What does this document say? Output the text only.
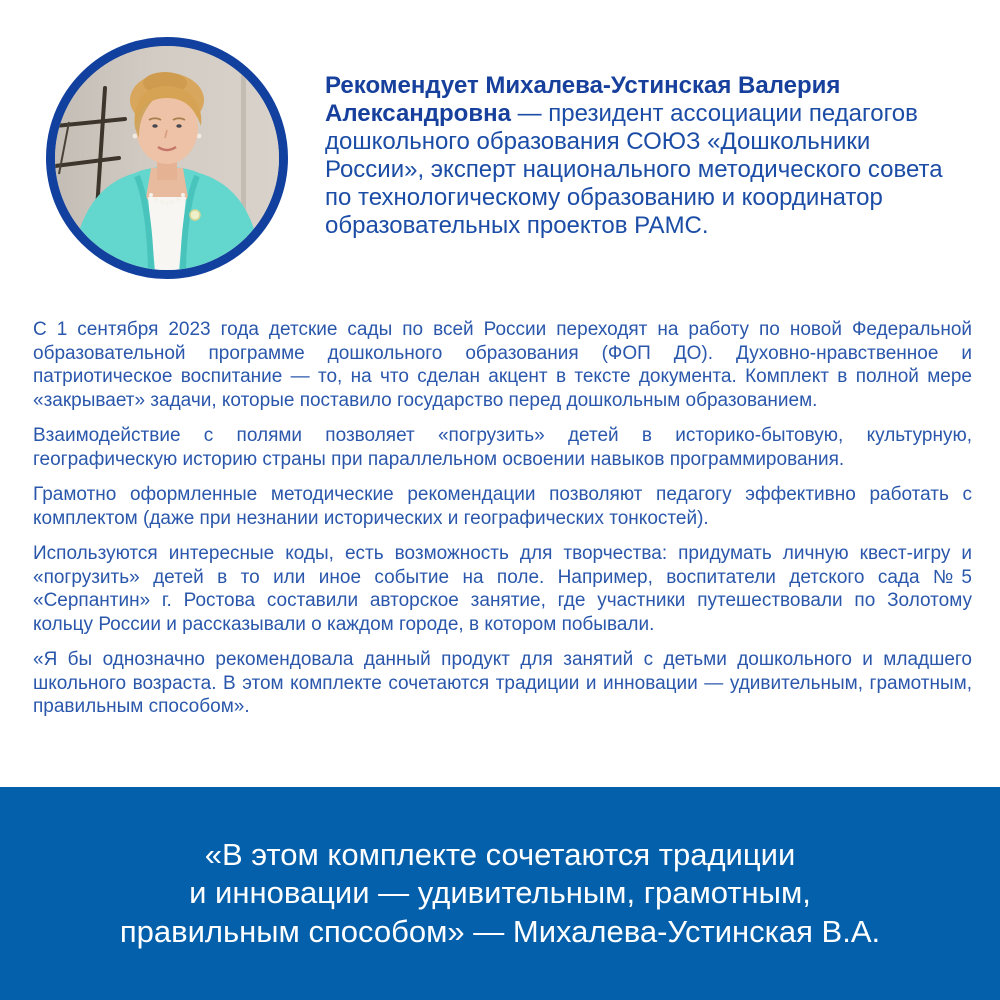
Рекомендует Михалева-Устинская Валерия Александровна — президент ассоциации педагогов дошкольного образования СОЮЗ «Дошкольники России», эксперт национального методического совета по технологическому образованию и координатор образовательных проектов РАМС.

С 1 сентября 2023 года детские сады по всей России переходят на работу по новой Федеральной образовательной программе дошкольного образования (ФОП ДО). Духовно-нравственное и патриотическое воспитание — то, на что сделан акцент в тексте документа. Комплект в полной мере «закрывает» задачи, которые поставило государство перед дошкольным образованием.

Взаимодействие с полями позволяет «погрузить» детей в историко-бытовую, культурную, географическую историю страны при параллельном освоении навыков программирования.

Грамотно оформленные методические рекомендации позволяют педагогу эффективно работать с комплектом (даже при незнании исторических и географических тонкостей).

Используются интересные коды, есть возможность для творчества: придумать личную квест-игру и «погрузить» детей в то или иное событие на поле. Например, воспитатели детского сада №5 «Серпантин» г. Ростова составили авторское занятие, где участники путешествовали по Золотому кольцу России и рассказывали о каждом городе, в котором побывали.

«Я бы однозначно рекомендовала данный продукт для занятий с детьми дошкольного и младшего школьного возраста. В этом комплекте сочетаются традиции и инновации — удивительным, грамотным, правильным способом».

«В этом комплекте сочетаются традиции
и инновации — удивительным, грамотным,
правильным способом» — Михалева-Устинская В.А.
